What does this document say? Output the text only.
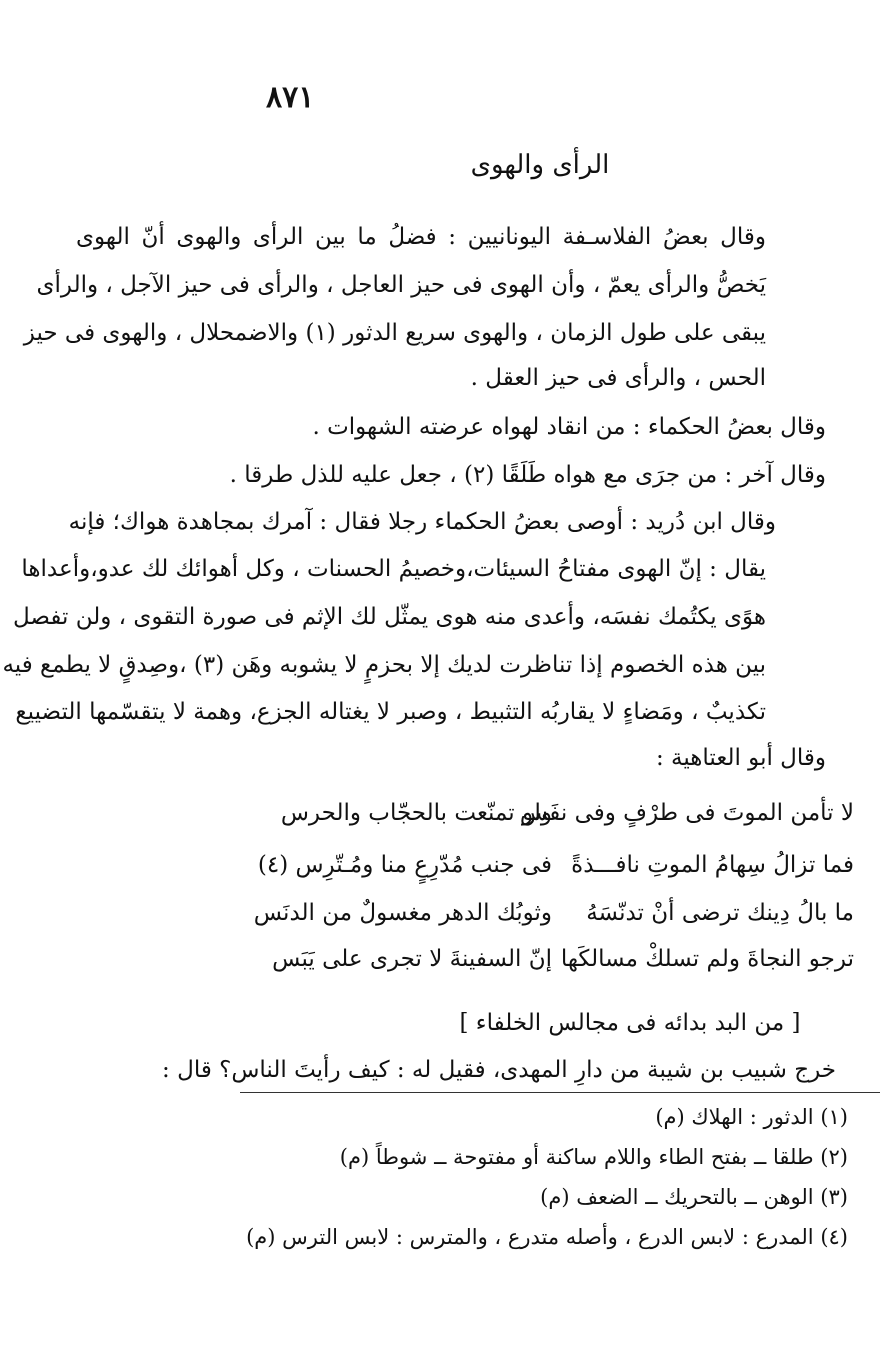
٨٧١
الرأى والهوى
وقال بعضُ الفلاسـفة اليونانيين : فضلُ ما بين الرأى والهوى أنّ الهوى
يَخصُّ والرأى يعمّ ، وأن الهوى فى حيز العاجل ، والرأى فى حيز الآجل ، والرأى
يبقى على طول الزمان ، والهوى سريع الدثور (١) والاضمحلال ، والهوى فى حيز
الحس ، والرأى فى حيز العقل .
وقال بعضُ الحكماء : من انقاد لهواه عرضته الشهوات .
وقال آخر : من جرَى مع هواه طَلَقًا (٢) ، جعل عليه للذل طرقا .
وقال ابن دُريد : أوصى بعضُ الحكماء رجلا فقال : آمرك بمجاهدة هواك؛ فإنه
يقال : إنّ الهوى مفتاحُ السيئات،وخصيمُ الحسنات ، وكل أهوائك لك عدو،وأعداها
هوًى يكتُمك نفسَه، وأعدى منه هوى يمثّل لك الإثم فى صورة التقوى ، ولن تفصل
بين هذه الخصوم إذا تناظرت لديك إلا بحزمٍ لا يشوبه وهَن (٣) ،وصِدقٍ لا يطمع فيه
تكذيبٌ ، ومَضاءٍ لا يقاربُه التثبيط ، وصبر لا يغتاله الجزع، وهمة لا يتقسّمها التضييع
وقال أبو العتاهية :
لا تأمن الموتَ فى طرْفٍ وفى نفَس
ولو تمنّعت بالحجّاب والحرس
فما تزالُ سِهامُ الموتِ نافـــذةً
فى جنب مُدّرِعٍ منا ومُـتّرِس (٤)
ما بالُ دِينك ترضى أنْ تدنّسَهُ
وثوبُك الدهر مغسولٌ من الدنَس
ترجو النجاةَ ولم تسلكْ مسالكَها
إنّ السفينةَ لا تجرى على يَبَس
[ من البد بدائه فى مجالس الخلفاء ]
خرج شبيب بن شيبة من دارِ المهدى، فقيل له : كيف رأيتَ الناس؟ قال :
(١) الدثور : الهلاك (م)
(٢) طلقا ــ بفتح الطاء واللام ساكنة أو مفتوحة ــ شوطاً (م)
(٣) الوهن ــ بالتحريك ــ الضعف (م)
(٤) المدرع : لابس الدرع ، وأصله متدرع ، والمترس : لابس الترس (م)
